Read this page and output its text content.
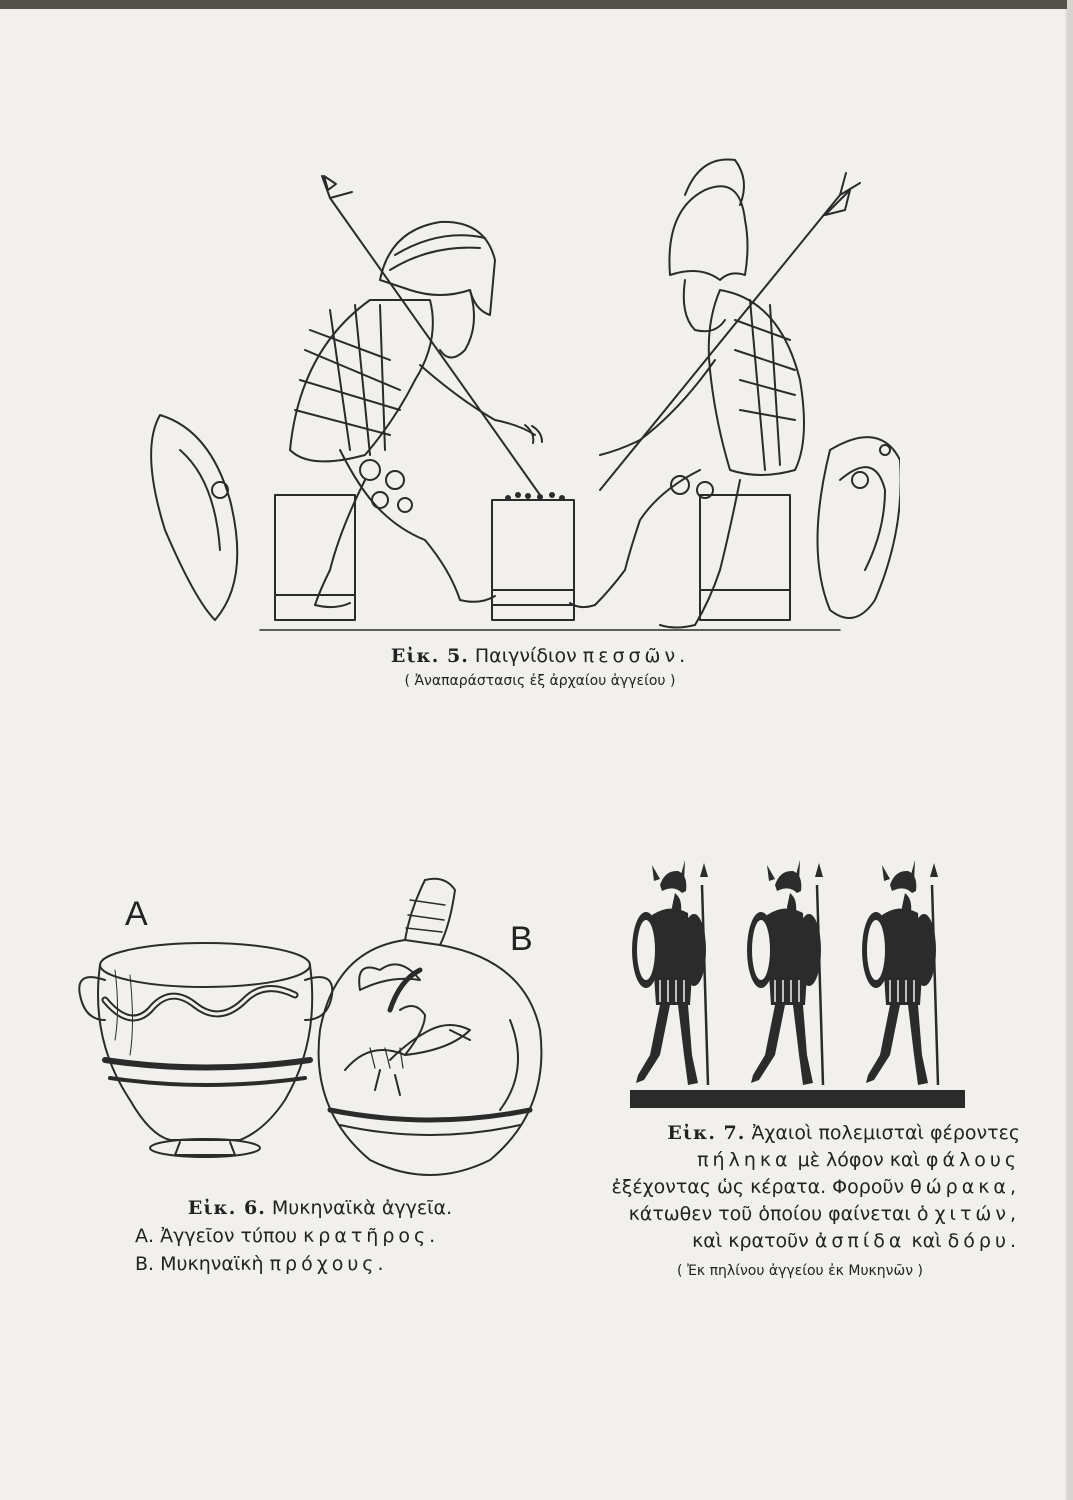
Εἰκ. 5. Παιγνίδιον πεσσῶν.
( Ἀναπαράστασις ἐξ ἀρχαίου ἀγγείου )
A
B
Εἰκ. 6. Μυκηναϊκὰ ἀγγεῖα.
Α. Ἀγγεῖον τύπου κρατῆρος.
Β. Μυκηναϊκὴ πρόχους.
Εἰκ. 7. Ἀχαιοὶ πολεμισταὶ φέροντες
πήληκα μὲ λόφον καὶ φάλους
ἐξέχοντας ὡς κέρατα. Φοροῦν θώρακα,
κάτωθεν τοῦ ὁποίου φαίνεται ὁ χιτών,
καὶ κρατοῦν ἀσπίδα καὶ δόρυ.
( Ἐκ πηλίνου ἀγγείου ἐκ Μυκηνῶν )
